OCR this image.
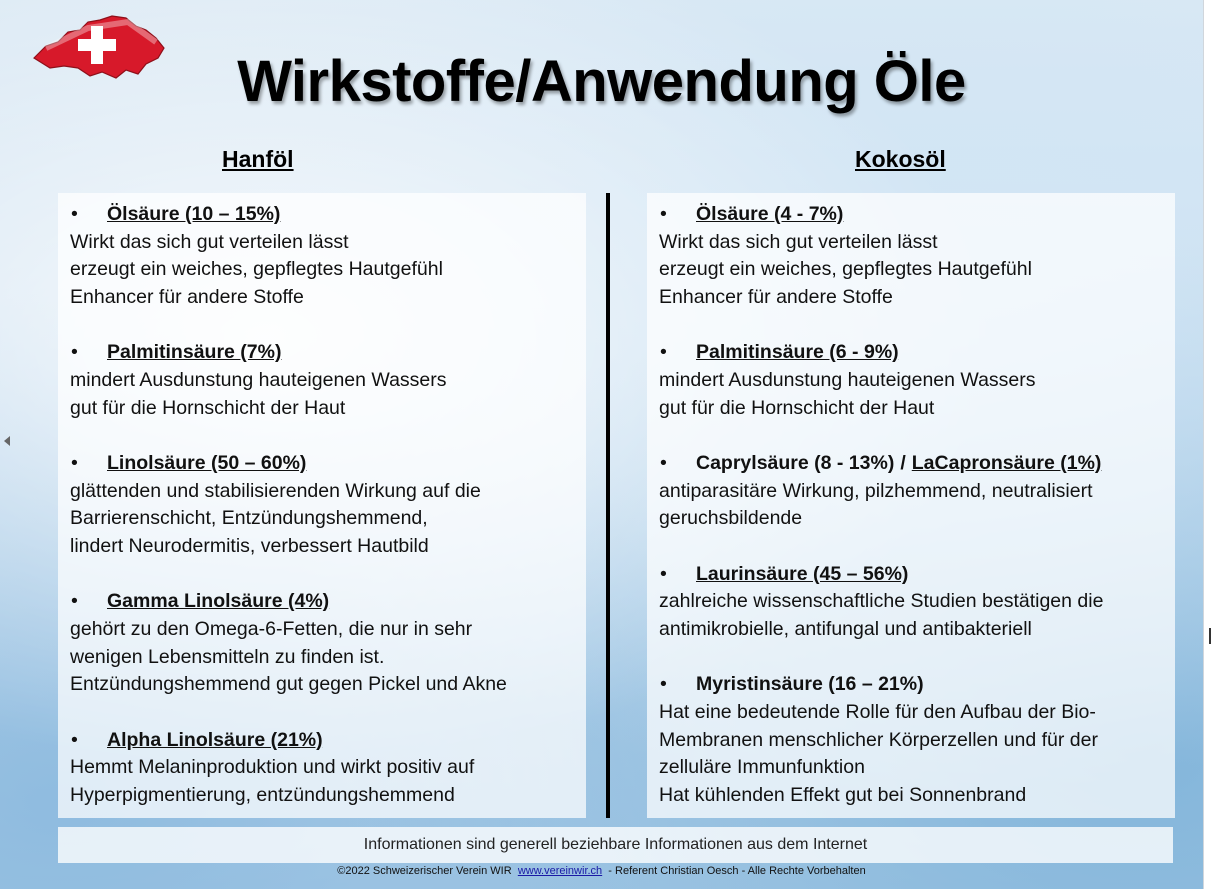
Wirkstoffe/Anwendung Öle
Hanföl	Kokosöl
•	Ölsäure (10 – 15%)
Wirkt das sich gut verteilen lässt
erzeugt ein weiches, gepflegtes Hautgefühl
Enhancer für andere Stoffe
•	Palmitinsäure (7%)
mindert Ausdunstung hauteigenen Wassers
gut für die Hornschicht der Haut
•	Linolsäure (50 – 60%)
glättenden und stabilisierenden Wirkung auf die
Barrierenschicht, Entzündungshemmend,
lindert Neurodermitis, verbessert Hautbild
•	Gamma Linolsäure (4%)
gehört zu den Omega-6-Fetten, die nur in sehr
wenigen Lebensmitteln zu finden ist.
Entzündungshemmend gut gegen Pickel und Akne
•	Alpha Linolsäure (21%)
Hemmt Melaninproduktion und wirkt positiv auf
Hyperpigmentierung, entzündungshemmend
•	Ölsäure (4 - 7%)
Wirkt das sich gut verteilen lässt
erzeugt ein weiches, gepflegtes Hautgefühl
Enhancer für andere Stoffe
•	Palmitinsäure (6 - 9%)
mindert Ausdunstung hauteigenen Wassers
gut für die Hornschicht der Haut
•	Caprylsäure (8 - 13%) / LaCapronsäure (1%)
antiparasitäre Wirkung, pilzhemmend, neutralisiert
geruchsbildende
•	Laurinsäure (45 – 56%)
zahlreiche wissenschaftliche Studien bestätigen die
antimikrobielle, antifungal und antibakteriell
•	Myristinsäure (16 – 21%)
Hat eine bedeutende Rolle für den Aufbau der Bio-
Membranen menschlicher Körperzellen und für der
zelluläre Immunfunktion
Hat kühlenden Effekt gut bei Sonnenbrand
Informationen sind generell beziehbare Informationen aus dem Internet
©2022 Schweizerischer Verein WIR www.vereinwir.ch - Referent Christian Oesch - Alle Rechte Vorbehalten
